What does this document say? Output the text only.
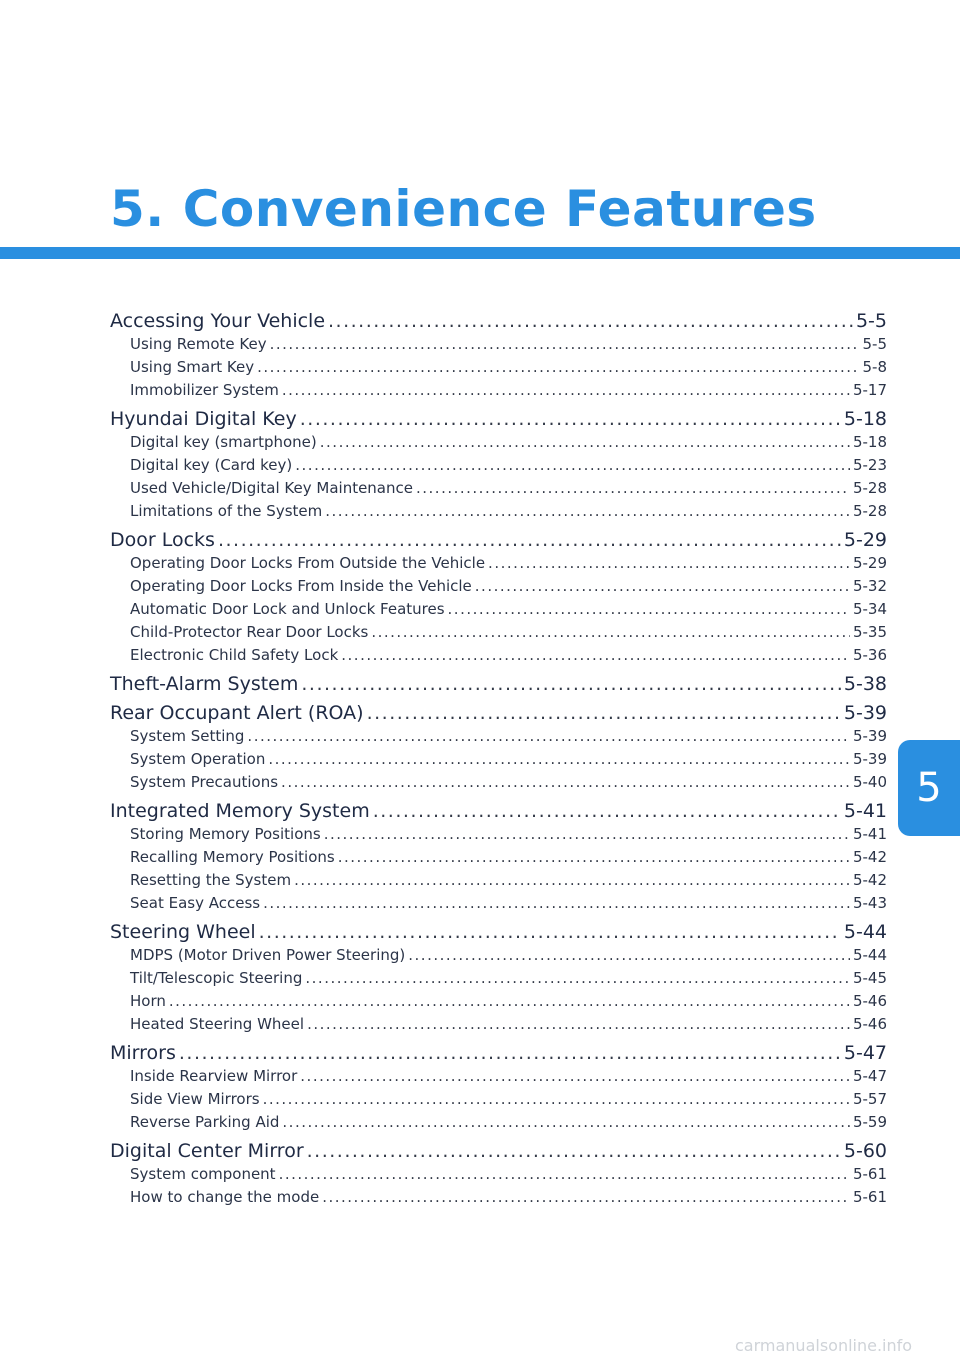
5. Convenience Features
5
Accessing Your Vehicle .....	5-5
Using Remote Key .....	5-5
Using Smart Key .....	5-8
Immobilizer System .....	5-17
Hyundai Digital Key .....	5-18
Digital key (smartphone) .....	5-18
Digital key (Card key) .....	5-23
Used Vehicle/Digital Key Maintenance .....	5-28
Limitations of the System .....	5-28
Door Locks .....	5-29
Operating Door Locks From Outside the Vehicle .....	5-29
Operating Door Locks From Inside the Vehicle .....	5-32
Automatic Door Lock and Unlock Features .....	5-34
Child-Protector Rear Door Locks .....	5-35
Electronic Child Safety Lock .....	5-36
Theft-Alarm System .....	5-38
Rear Occupant Alert (ROA) .....	5-39
System Setting .....	5-39
System Operation .....	5-39
System Precautions .....	5-40
Integrated Memory System .....	5-41
Storing Memory Positions .....	5-41
Recalling Memory Positions .....	5-42
Resetting the System .....	5-42
Seat Easy Access .....	5-43
Steering Wheel .....	5-44
MDPS (Motor Driven Power Steering) .....	5-44
Tilt/Telescopic Steering .....	5-45
Horn .....	5-46
Heated Steering Wheel .....	5-46
Mirrors .....	5-47
Inside Rearview Mirror .....	5-47
Side View Mirrors .....	5-57
Reverse Parking Aid .....	5-59
Digital Center Mirror .....	5-60
System component .....	5-61
How to change the mode .....	5-61
carmanualsonline.info
